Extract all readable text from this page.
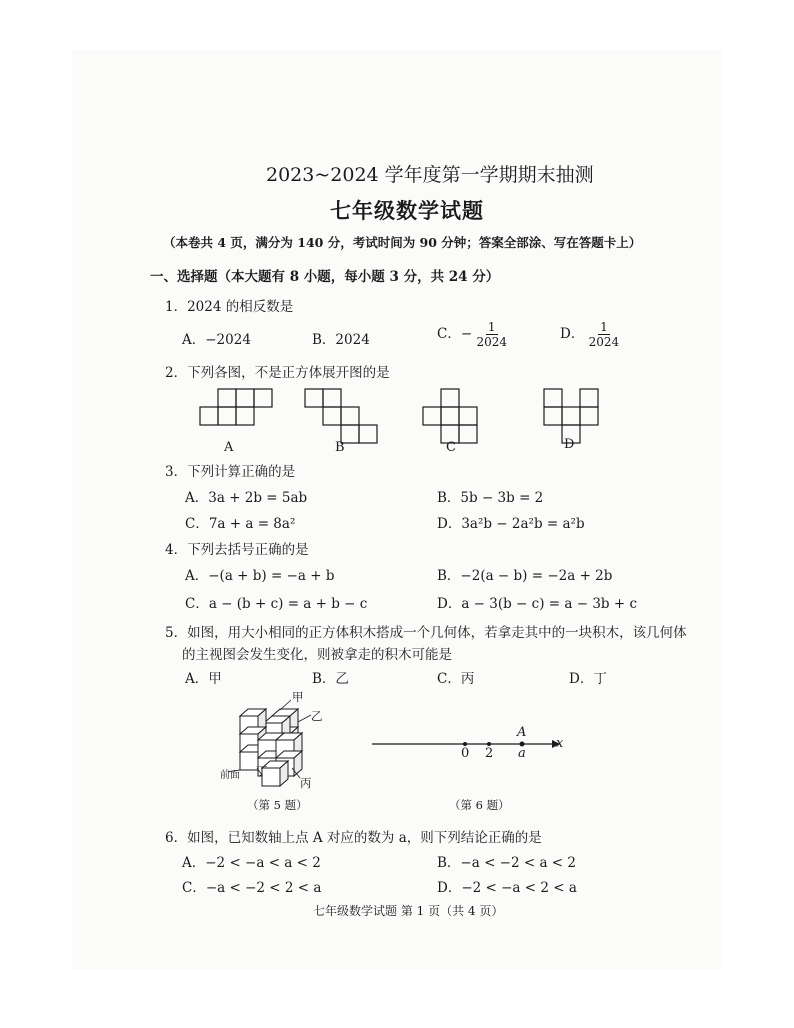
2023~2024 学年度第一学期期末抽测
七年级数学试题
（本卷共 4 页，满分为 140 分，考试时间为 90 分钟；答案全部涂、写在答题卡上）
一、选择题（本大题有 8 小题，每小题 3 分，共 24 分）
1．2024 的相反数是
A．−2024	B．2024	C．− $\frac{1}{2024}$	D． $\frac{1}{2024}$
2．下列各图，不是正方体展开图的是
A	B	C	D
3．下列计算正确的是
A．3a + 2b = 5ab	B．5b − 3b = 2
C．7a + a = 8a²	D．3a²b − 2a²b = a²b
4．下列去括号正确的是
A．−(a + b) = −a + b	B．−2(a − b) = −2a + 2b
C．a − (b + c) = a + b − c	D．a − 3(b − c) = a − 3b + c
5．如图，用大小相同的正方体积木搭成一个几何体，若拿走其中的一块积木，该几何体
的主视图会发生变化，则被拿走的积木可能是
A．甲	B．乙	C．丙	D．丁
甲
乙
丙
丁
前面
（第 5 题）
0 2
A
a
x
（第 6 题）
6．如图，已知数轴上点 A 对应的数为 a，则下列结论正确的是
A．−2 < −a < a < 2	B．−a < −2 < a < 2
C．−a < −2 < 2 < a	D．−2 < −a < 2 < a
七年级数学试题 第 1 页（共 4 页）
